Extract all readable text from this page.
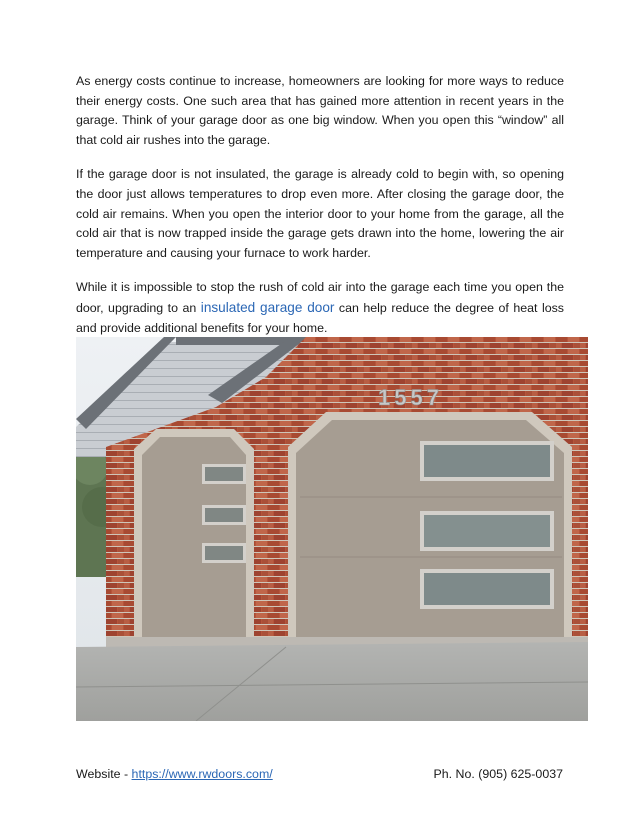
As energy costs continue to increase, homeowners are looking for more ways to reduce their energy costs. One such area that has gained more attention in recent years in the garage. Think of your garage door as one big window. When you open this “window” all that cold air rushes into the garage.

If the garage door is not insulated, the garage is already cold to begin with, so opening the door just allows temperatures to drop even more. After closing the garage door, the cold air remains. When you open the interior door to your home from the garage, all the cold air that is now trapped inside the garage gets drawn into the home, lowering the air temperature and causing your furnace to work harder.

While it is impossible to stop the rush of cold air into the garage each time you open the door, upgrading to an insulated garage door can help reduce the degree of heat loss and provide additional benefits for your home.

1557
Website - https://www.rwdoors.com/	Ph. No. (905) 625-0037
